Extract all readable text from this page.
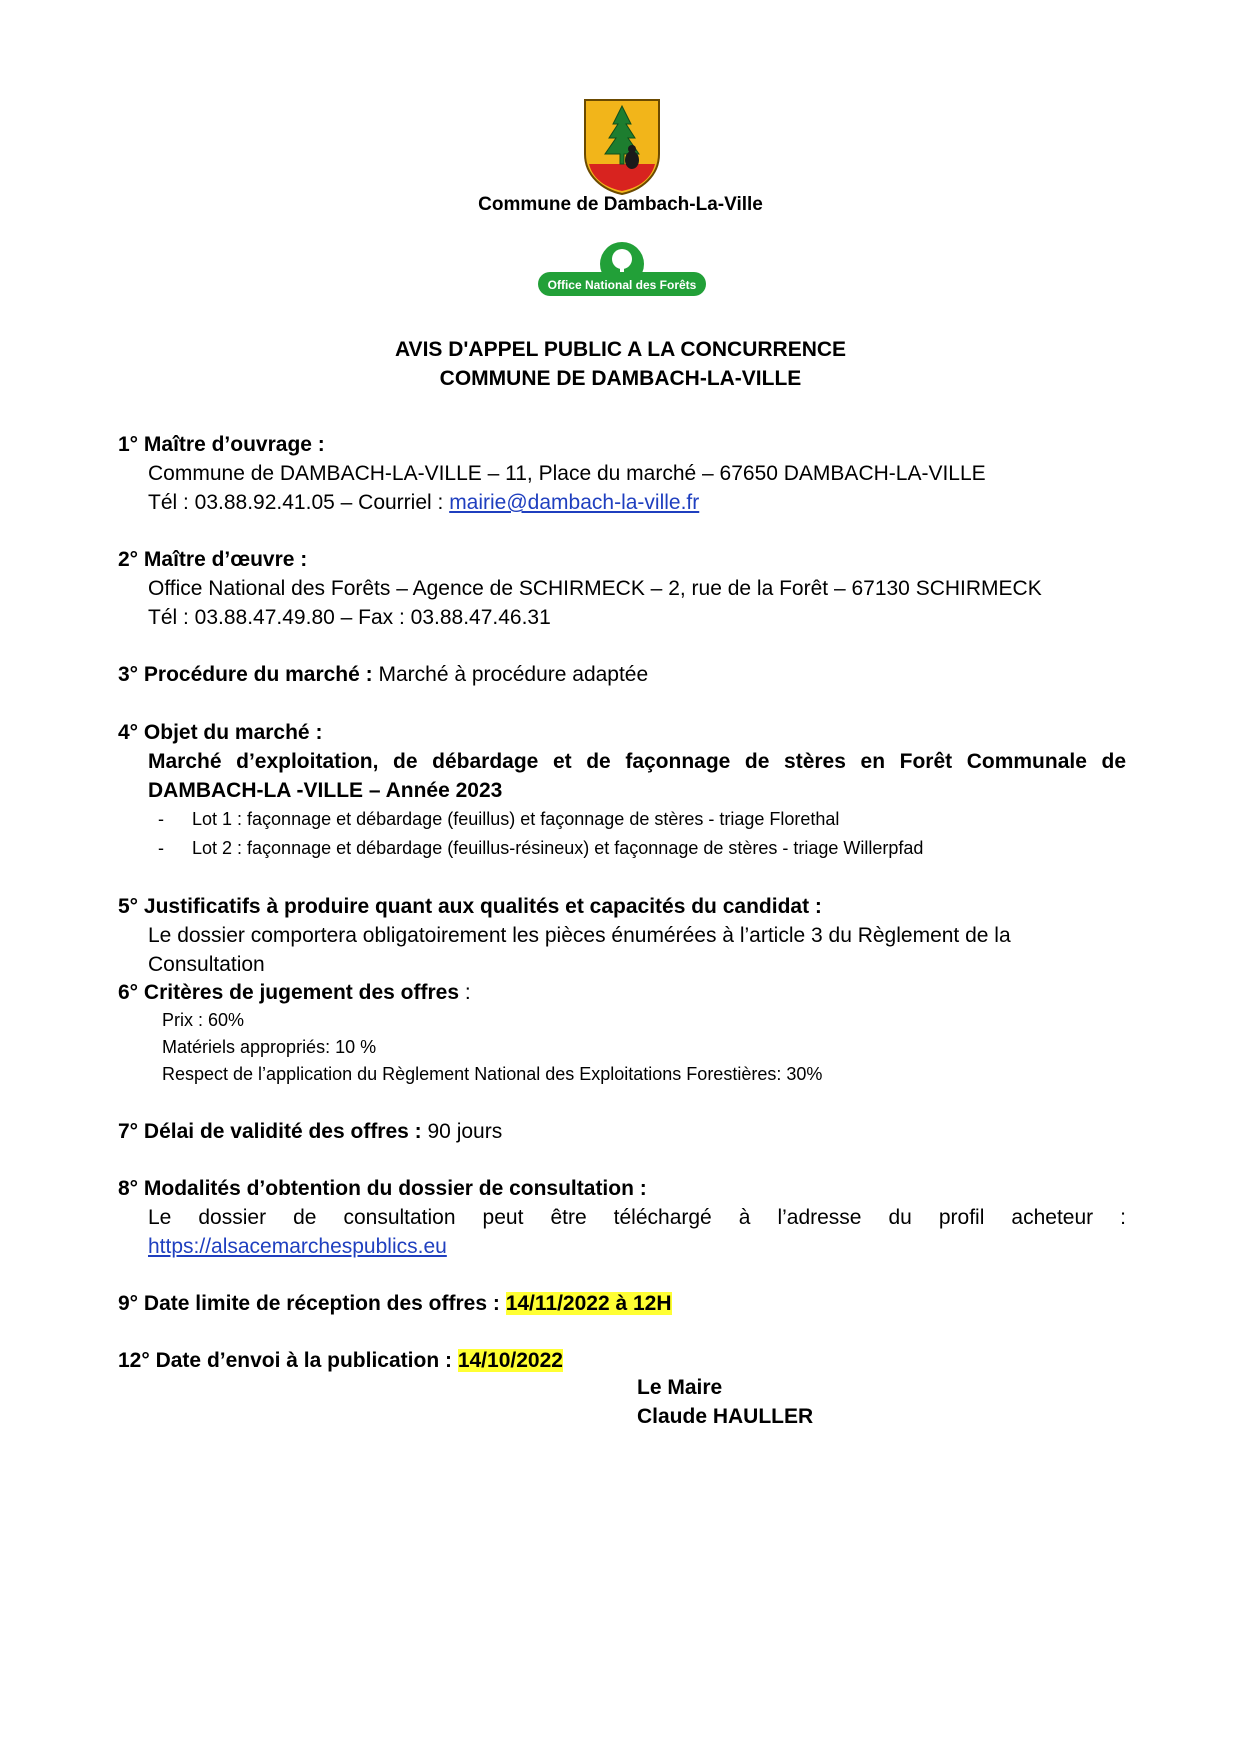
Commune de Dambach-La-Ville
Office National des Forêts
AVIS D'APPEL PUBLIC A LA CONCURRENCE
COMMUNE DE DAMBACH-LA-VILLE
1° Maître d’ouvrage :
Commune de DAMBACH-LA-VILLE – 11, Place du marché – 67650 DAMBACH-LA-VILLE
Tél : 03.88.92.41.05 – Courriel : mairie@dambach-la-ville.fr
2° Maître d’œuvre :
Office National des Forêts – Agence de SCHIRMECK – 2, rue de la Forêt – 67130 SCHIRMECK
Tél : 03.88.47.49.80 – Fax : 03.88.47.46.31
3° Procédure du marché : Marché à procédure adaptée
4° Objet du marché :
Marché d’exploitation, de débardage et de façonnage de stères en Forêt Communale de
DAMBACH-LA -VILLE – Année 2023
- Lot 1 : façonnage et débardage (feuillus) et façonnage de stères - triage Florethal
- Lot 2 : façonnage et débardage (feuillus-résineux) et façonnage de stères - triage Willerpfad
5° Justificatifs à produire quant aux qualités et capacités du candidat :
Le dossier comportera obligatoirement les pièces énumérées à l’article 3 du Règlement de la Consultation
6° Critères de jugement des offres :
Prix : 60%
Matériels appropriés: 10 %
Respect de l’application du Règlement National des Exploitations Forestières: 30%
7° Délai de validité des offres : 90 jours
8° Modalités d’obtention du dossier de consultation :
Le dossier de consultation peut être téléchargé à l’adresse du profil acheteur :
https://alsacemarchespublics.eu
9° Date limite de réception des offres : 14/11/2022 à 12H
12° Date d’envoi à la publication : 14/10/2022
Le Maire
Claude HAULLER
